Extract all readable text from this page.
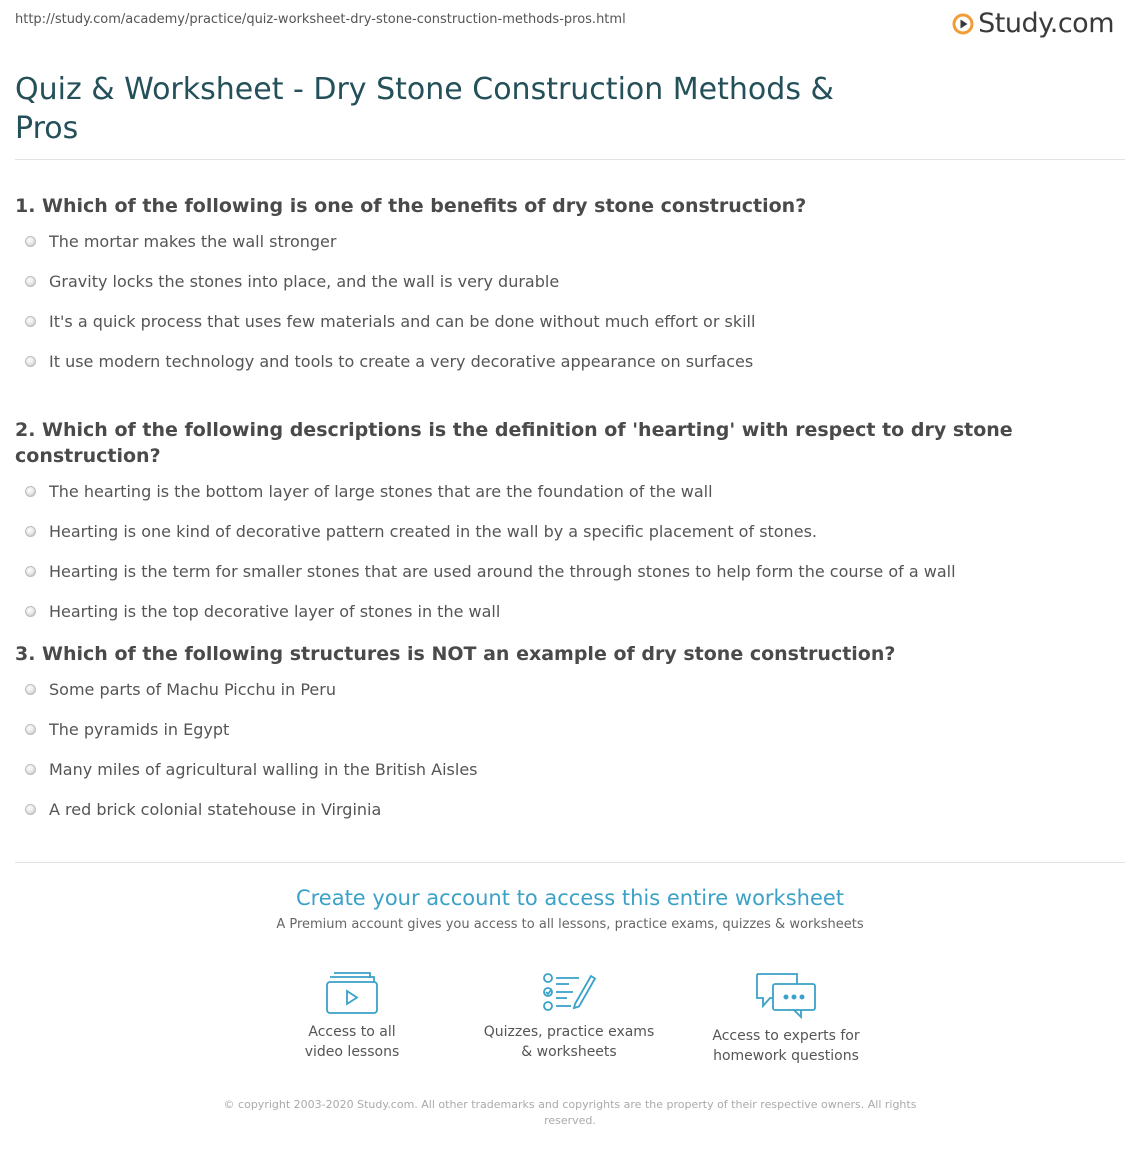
http://study.com/academy/practice/quiz-worksheet-dry-stone-construction-methods-pros.html	Study.com
Quiz & Worksheet - Dry Stone Construction Methods & Pros

1. Which of the following is one of the benefits of dry stone construction?

The mortar makes the wall stronger
Gravity locks the stones into place, and the wall is very durable
It's a quick process that uses few materials and can be done without much effort or skill
It use modern technology and tools to create a very decorative appearance on surfaces

2. Which of the following descriptions is the definition of 'hearting' with respect to dry stone construction?

The hearting is the bottom layer of large stones that are the foundation of the wall
Hearting is one kind of decorative pattern created in the wall by a specific placement of stones.
Hearting is the term for smaller stones that are used around the through stones to help form the course of a wall
Hearting is the top decorative layer of stones in the wall

3. Which of the following structures is NOT an example of dry stone construction?

Some parts of Machu Picchu in Peru
The pyramids in Egypt
Many miles of agricultural walling in the British Aisles
A red brick colonial statehouse in Virginia
Create your account to access this entire worksheet
A Premium account gives you access to all lessons, practice exams, quizzes & worksheets
Access to all
video lessons
Quizzes, practice exams
& worksheets
Access to experts for
homework questions
© copyright 2003-2020 Study.com. All other trademarks and copyrights are the property of their respective owners. All rights reserved.
